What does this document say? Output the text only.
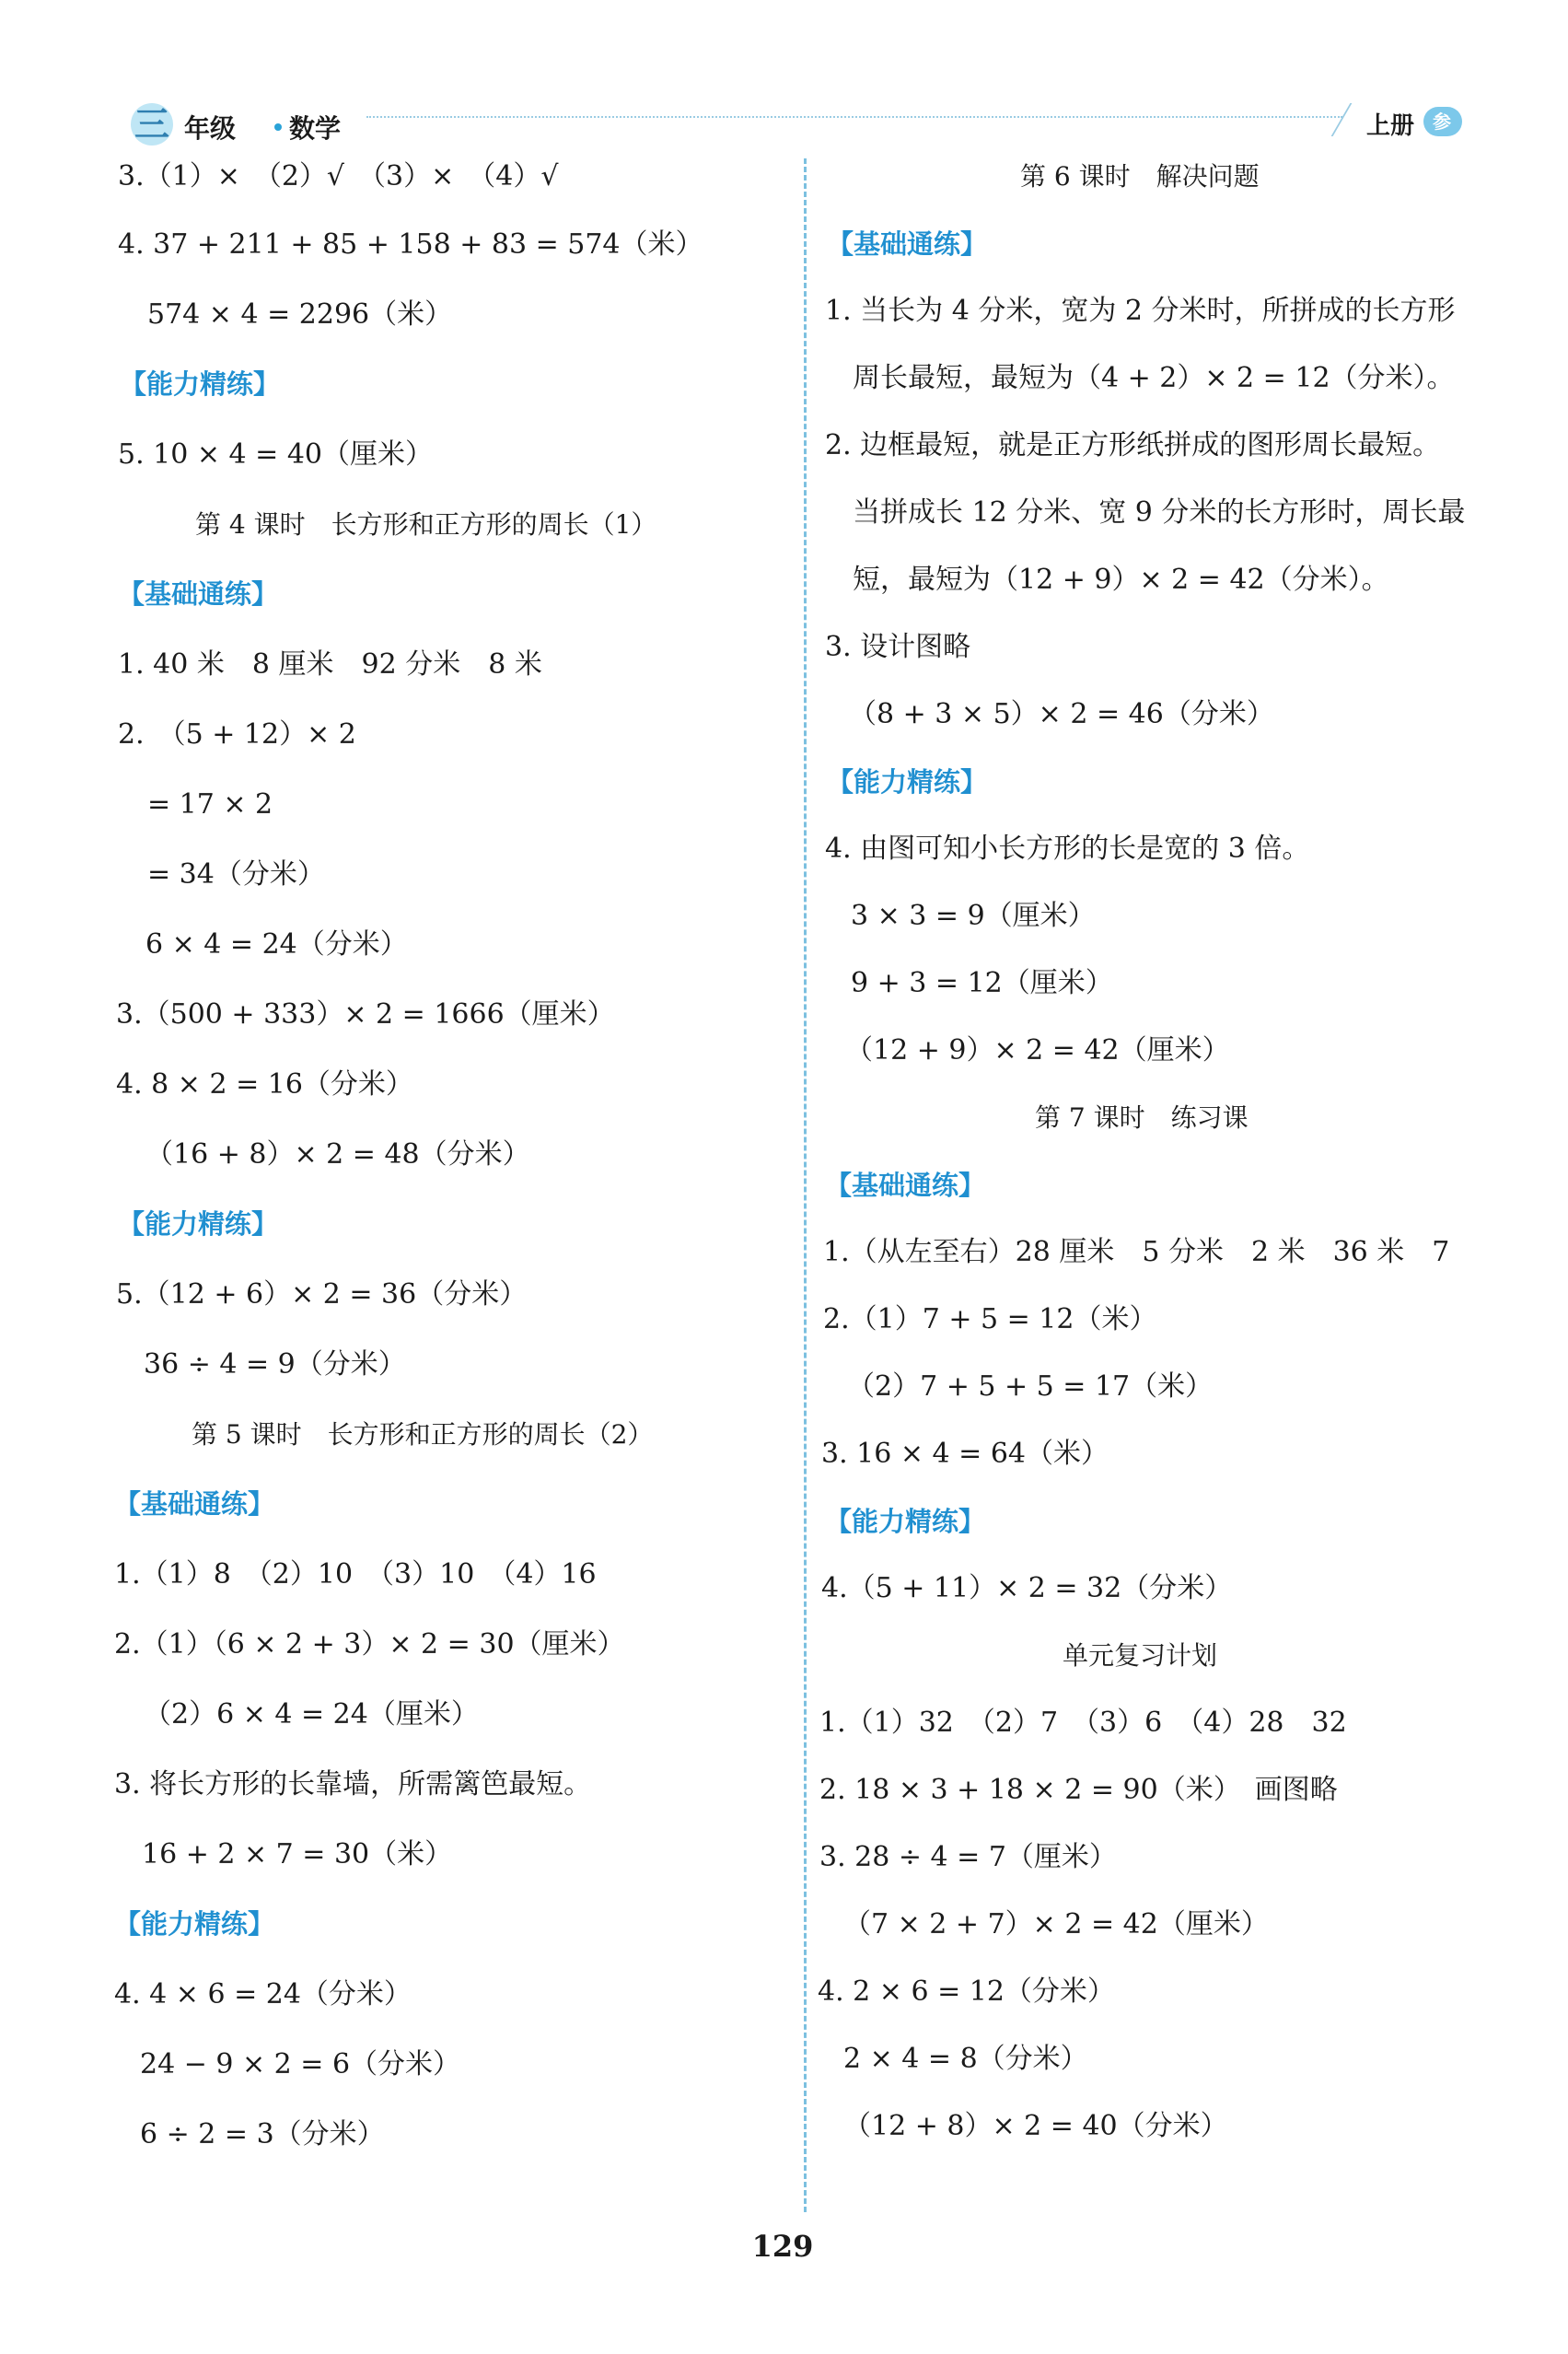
三 年级 数学	上册 参考答案
3.（1）×　（2）√　（3）×　（4）√
4. 37 + 211 + 85 + 158 + 83 = 574（米）
574 × 4 = 2296（米）
【能力精练】
5. 10 × 4 = 40（厘米）
第 4 课时　长方形和正方形的周长（1）
【基础通练】
1. 40 米　8 厘米　92 分米　8 米
2.　（5 + 12）× 2
= 17 × 2
= 34（分米）
6 × 4 = 24（分米）
3.（500 + 333）× 2 = 1666（厘米）
4. 8 × 2 = 16（分米）
（16 + 8）× 2 = 48（分米）
【能力精练】
5.（12 + 6）× 2 = 36（分米）
36 ÷ 4 = 9（分米）
第 5 课时　长方形和正方形的周长（2）
【基础通练】
1.（1）8　（2）10　（3）10　（4）16
2.（1）（6 × 2 + 3）× 2 = 30（厘米）
（2）6 × 4 = 24（厘米）
3. 将长方形的长靠墙，所需篱笆最短。
16 + 2 × 7 = 30（米）
【能力精练】
4. 4 × 6 = 24（分米）
24 − 9 × 2 = 6（分米）
6 ÷ 2 = 3（分米）
第 6 课时　解决问题
【基础通练】
1. 当长为 4 分米，宽为 2 分米时，所拼成的长方形
周长最短，最短为（4 + 2）× 2 = 12（分米）。
2. 边框最短，就是正方形纸拼成的图形周长最短。
当拼成长 12 分米、宽 9 分米的长方形时，周长最
短，最短为（12 + 9）× 2 = 42（分米）。
3. 设计图略
（8 + 3 × 5）× 2 = 46（分米）
【能力精练】
4. 由图可知小长方形的长是宽的 3 倍。
3 × 3 = 9（厘米）
9 + 3 = 12（厘米）
（12 + 9）× 2 = 42（厘米）
第 7 课时　练习课
【基础通练】
1.（从左至右）28 厘米　5 分米　2 米　36 米　7
2.（1）7 + 5 = 12（米）
（2）7 + 5 + 5 = 17（米）
3. 16 × 4 = 64（米）
【能力精练】
4.（5 + 11）× 2 = 32（分米）
单元复习计划
1.（1）32　（2）7　（3）6　（4）28　32
2. 18 × 3 + 18 × 2 = 90（米）　画图略
3. 28 ÷ 4 = 7（厘米）
（7 × 2 + 7）× 2 = 42（厘米）
4. 2 × 6 = 12（分米）
2 × 4 = 8（分米）
（12 + 8）× 2 = 40（分米）
129
